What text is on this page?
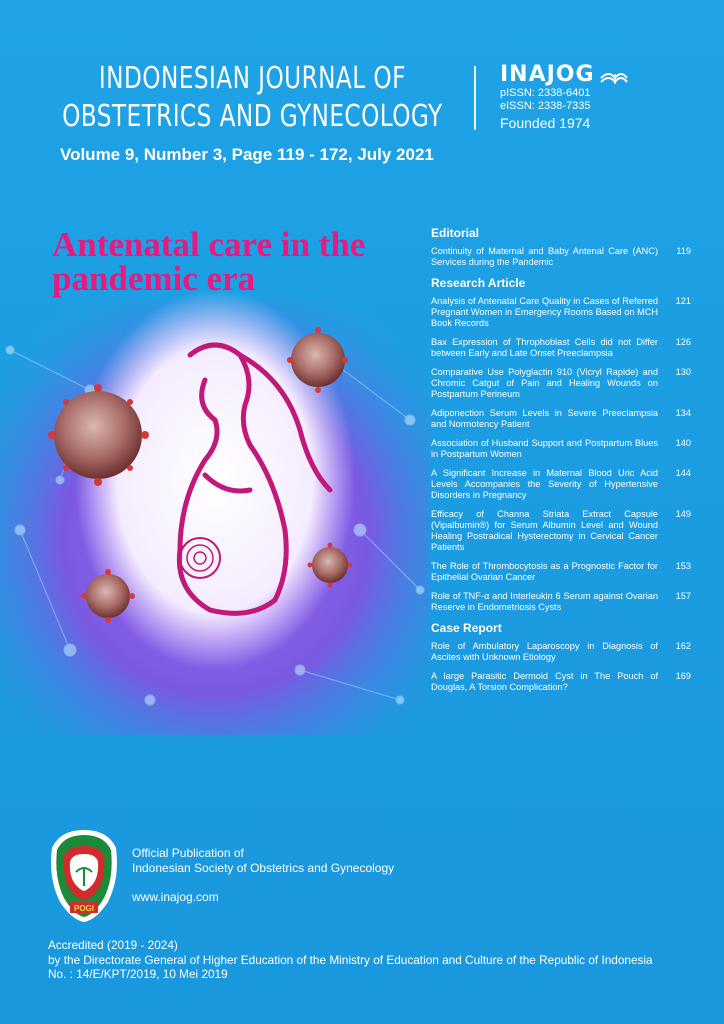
INDONESIAN JOURNAL OF
OBSTETRICS AND GYNECOLOGY
Volume 9, Number 3, Page 119 - 172, July 2021
INAJOG
pISSN: 2338-6401
eISSN: 2338-7335
Founded 1974
Antenatal care in the
pandemic era
Editorial
Continuity of Maternal and Baby Antenal Care (ANC) Services during the Pandemic
119
Research Article
Analysis of Antenatal Care Quality in Cases of Referred Pregnant Women in Emergency Rooms Based on MCH Book Records
121
Bax Expression of Throphoblast Cells did not Differ between Early and Late Onset Preeclampsia
126
Comparative Use Polyglactin 910 (Vicryl Rapide) and Chromic Catgut of Pain and Healing Wounds on Postpartum Perineum
130
Adiponection Serum Levels in Severe Preeclampsia and Normotency Patient
134
Association of Husband Support and Postpartum Blues in Postpartum Women
140
A Significant Increase in Maternal Blood Uric Acid Levels Accompanies the Severity of Hypertensive Disorders in Pregnancy
144
Efficacy of Channa Striata Extract Capsule (Vipalbumin®) for Serum Albumin Level and Wound Healing Postradical Hysterectomy in Cervical Cancer Patients
149
The Role of Thrombocytosis as a Prognostic Factor for Epithelial Ovarian Cancer
153
Role of TNF-α and Interleukin 6 Serum against Ovarian Reserve in Endometriosis Cysts
157
Case Report
Role of Ambulatory Laparoscopy in Diagnosis of Ascites with Unknown Etiology
162
A large Parasitic Dermoid Cyst in The Pouch of Douglas, A Torsion Complication?
169
POGI
Official Publication of
Indonesian Society of Obstetrics and Gynecology
www.inajog.com
Accredited (2019 - 2024)
by the Directorate General of Higher Education of the Ministry of Education and Culture of the Republic of Indonesia
No. : 14/E/KPT/2019, 10 Mei 2019
